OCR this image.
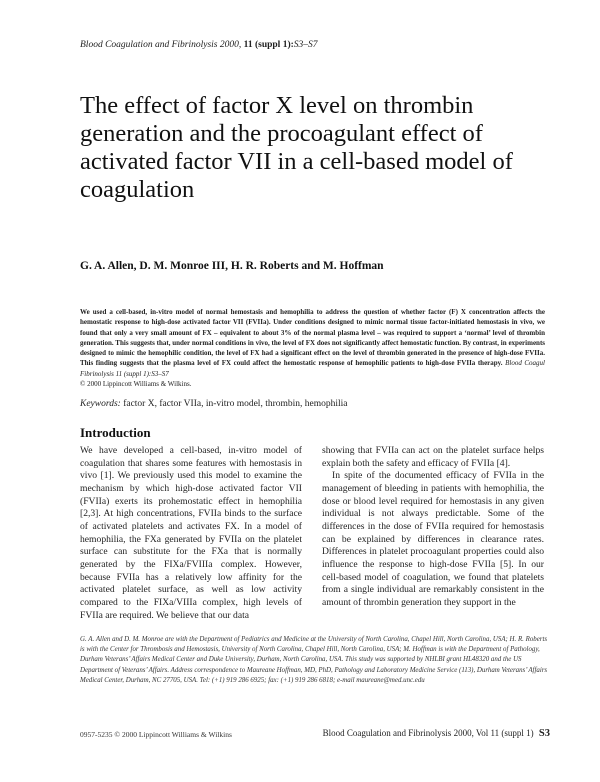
Blood Coagulation and Fibrinolysis 2000, 11 (suppl 1):S3–S7
The effect of factor X level on thrombin generation and the procoagulant effect of activated factor VII in a cell-based model of coagulation
G. A. Allen, D. M. Monroe III, H. R. Roberts and M. Hoffman

We used a cell-based, in-vitro model of normal hemostasis and hemophilia to address the question of whether factor (F) X concentration affects the hemostatic response to high-dose activated factor VII (FVIIa). Under conditions designed to mimic normal tissue factor-initiated hemostasis in vivo, we found that only a very small amount of FX – equivalent to about 3% of the normal plasma level – was required to support a ‘normal’ level of thrombin generation. This suggests that, under normal conditions in vivo, the level of FX does not significantly affect hemostatic function. By contrast, in experiments designed to mimic the hemophilic condition, the level of FX had a significant effect on the level of thrombin generated in the presence of high-dose FVIIa. This finding suggests that the plasma level of FX could affect the hemostatic response of hemophilic patients to high-dose FVIIa therapy. Blood Coagul Fibrinolysis 11 (suppl 1):S3–S7
© 2000 Lippincott Williams & Wilkins.

Keywords: factor X, factor VIIa, in-vitro model, thrombin, hemophilia
Introduction

We have developed a cell-based, in-vitro model of coagulation that shares some features with hemostasis in vivo [1]. We previously used this model to examine the mechanism by which high-dose activated factor VII (FVIIa) exerts its prohemostatic effect in hemophilia [2,3]. At high concentrations, FVIIa binds to the surface of activated platelets and activates FX. In a model of hemophilia, the FXa generated by FVIIa on the platelet surface can substitute for the FXa that is normally generated by the FIXa/FVIIIa complex. However, because FVIIa has a relatively low affinity for the activated platelet surface, as well as low activity compared to the FIXa/VIIIa complex, high levels of FVIIa are required. We believe that our data

showing that FVIIa can act on the platelet surface helps explain both the safety and efficacy of FVIIa [4].

In spite of the documented efficacy of FVIIa in the management of bleeding in patients with hemophilia, the dose or blood level required for hemostasis in any given individual is not always predictable. Some of the differences in the dose of FVIIa required for hemostasis can be explained by differences in clearance rates. Differences in platelet procoagulant properties could also influence the response to high-dose FVIIa [5]. In our cell-based model of coagulation, we found that platelets from a single individual are remarkably consistent in the amount of thrombin generation they support in the

G. A. Allen and D. M. Monroe are with the Department of Pediatrics and Medicine at the University of North Carolina, Chapel Hill, North Carolina, USA; H. R. Roberts is with the Center for Thrombosis and Hemostasis, University of North Carolina, Chapel Hill, North Carolina, USA; M. Hoffman is with the Department of Pathology, Durham Veterans’ Affairs Medical Center and Duke University, Durham, North Carolina, USA. This study was supported by NHLBI grant HL48320 and the US Department of Veterans’ Affairs. Address correspondence to Maureane Hoffman, MD, PhD, Pathology and Laboratory Medicine Service (113), Durham Veterans’ Affairs Medical Center, Durham, NC 27705, USA. Tel: (+1) 919 286 6925; fax: (+1) 919 286 6818; e-mail maureane@med.unc.edu

0957-5235 © 2000 Lippincott Williams & Wilkins	Blood Coagulation and Fibrinolysis 2000, Vol 11 (suppl 1) S3
